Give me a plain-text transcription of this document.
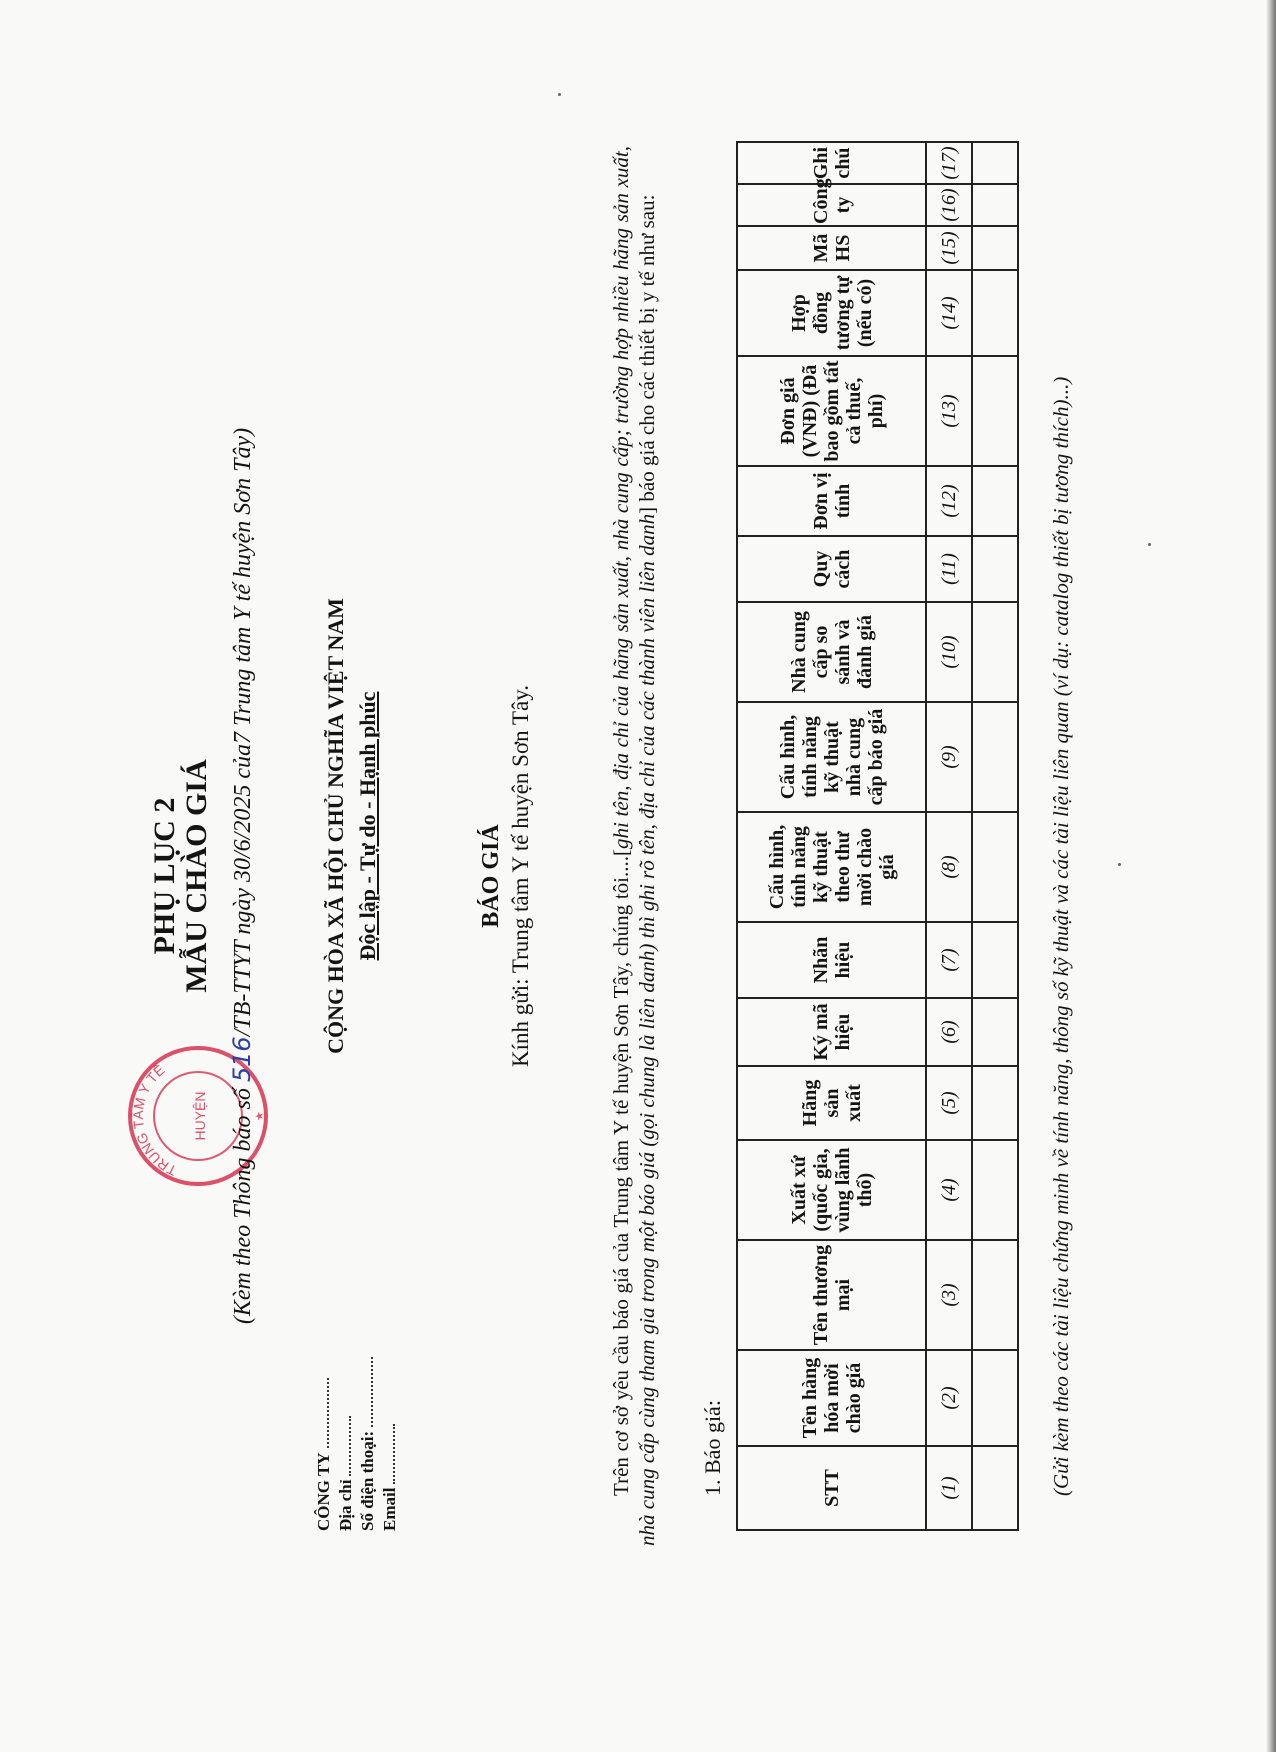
TRUNG TÂM Y TẾ
HUYỆN	★
PHỤ LỤC 2 MẪU CHÀO GIÁ
(Kèm theo Thông báo số 516/TB-TTYT ngày 30/6/2025 của7 Trung tâm Y tế huyện Sơn Tây)
CÔNG TY Địa chỉ Số điện thoại: Email
CỘNG HÒA XÃ HỘI CHỦ NGHĨA VIỆT NAM Độc lập - Tự do - Hạnh phúc	BÁO GIÁ Kính gửi: Trung tâm Y tế huyện Sơn Tây.	Trên cơ sở yêu cầu báo giá của Trung tâm Y tế huyện Sơn Tây, chúng tôi....[ghi tên, địa chỉ của hãng sản xuất, nhà cung cấp; trường hợp nhiều hãng sản xuất, nhà cung cấp cùng tham gia trong một báo giá (gọi chung là liên danh) thì ghi rõ tên, địa chỉ của các thành viên liên danh] báo giá cho các thiết bị y tế như sau:
1. Báo giá:	STT	Tên hàng hóa mời chào giá	Tên thương mại	Xuất xứ (quốc gia, vùng lãnh thổ)	Hãng sản xuất	Ký mã hiệu	Nhãn hiệu	Cấu hình, tính năng kỹ thuật theo thư mời chào giá	Cấu hình, tính năng kỹ thuật nhà cung cấp báo giá	Nhà cung cấp so sánh và đánh giá	Quy cách	Đơn vị tính	Đơn giá (VNĐ) (Đã bao gồm tất cả thuế, phí)	Hợp đồng tương tự (nếu có)	Mã HS	Công ty	Ghi chú
(1)	(2)	(3)	(4)	(5)	(6)	(7)	(8)	(9)	(10)	(11)	(12)	(13)	(14)	(15)	(16)	(17)

(Gửi kèm theo các tài liệu chứng minh về tính năng, thông số kỹ thuật và các tài liệu liên quan (ví dụ: catalog thiết bị tương thích)...)
